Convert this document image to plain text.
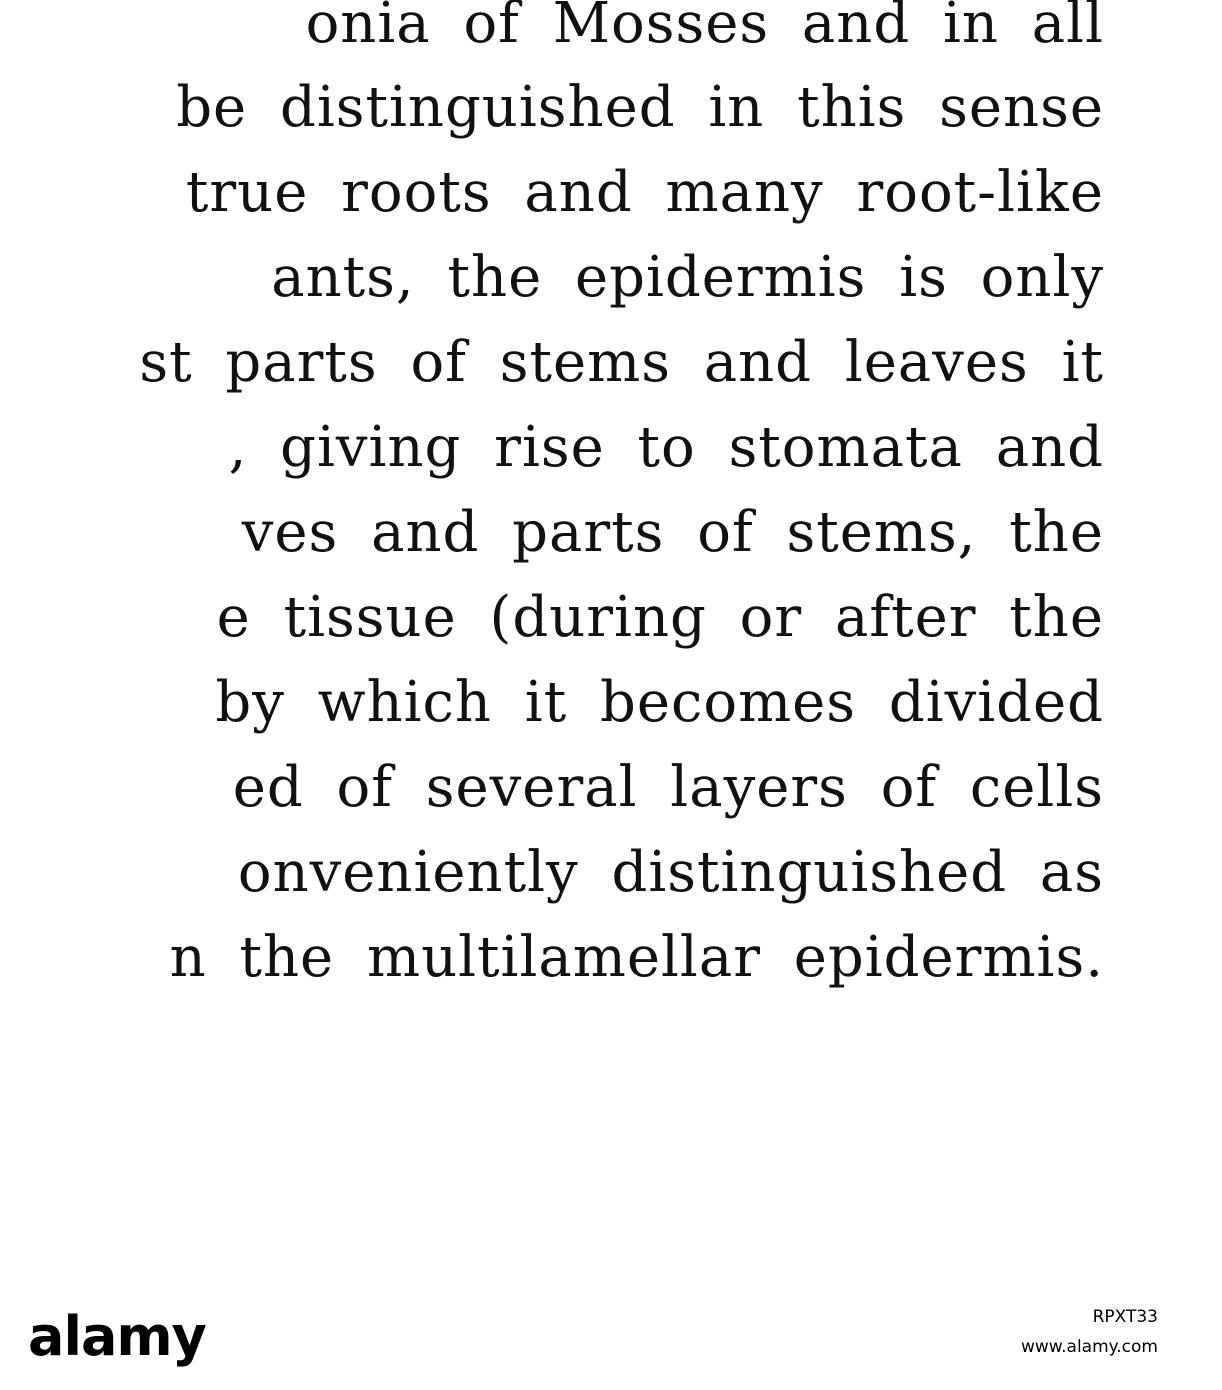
onia of Mosses and in all
be distinguished in this sense
true roots and many root-like
ants, the epidermis is only
st parts of stems and leaves it
, giving rise to stomata and
ves and parts of stems, the
e tissue (during or after the
by which it becomes divided
ed of several layers of cells
onveniently distinguished as
n the multilamellar epidermis.
alamy	RPXT33
www.alamy.com
